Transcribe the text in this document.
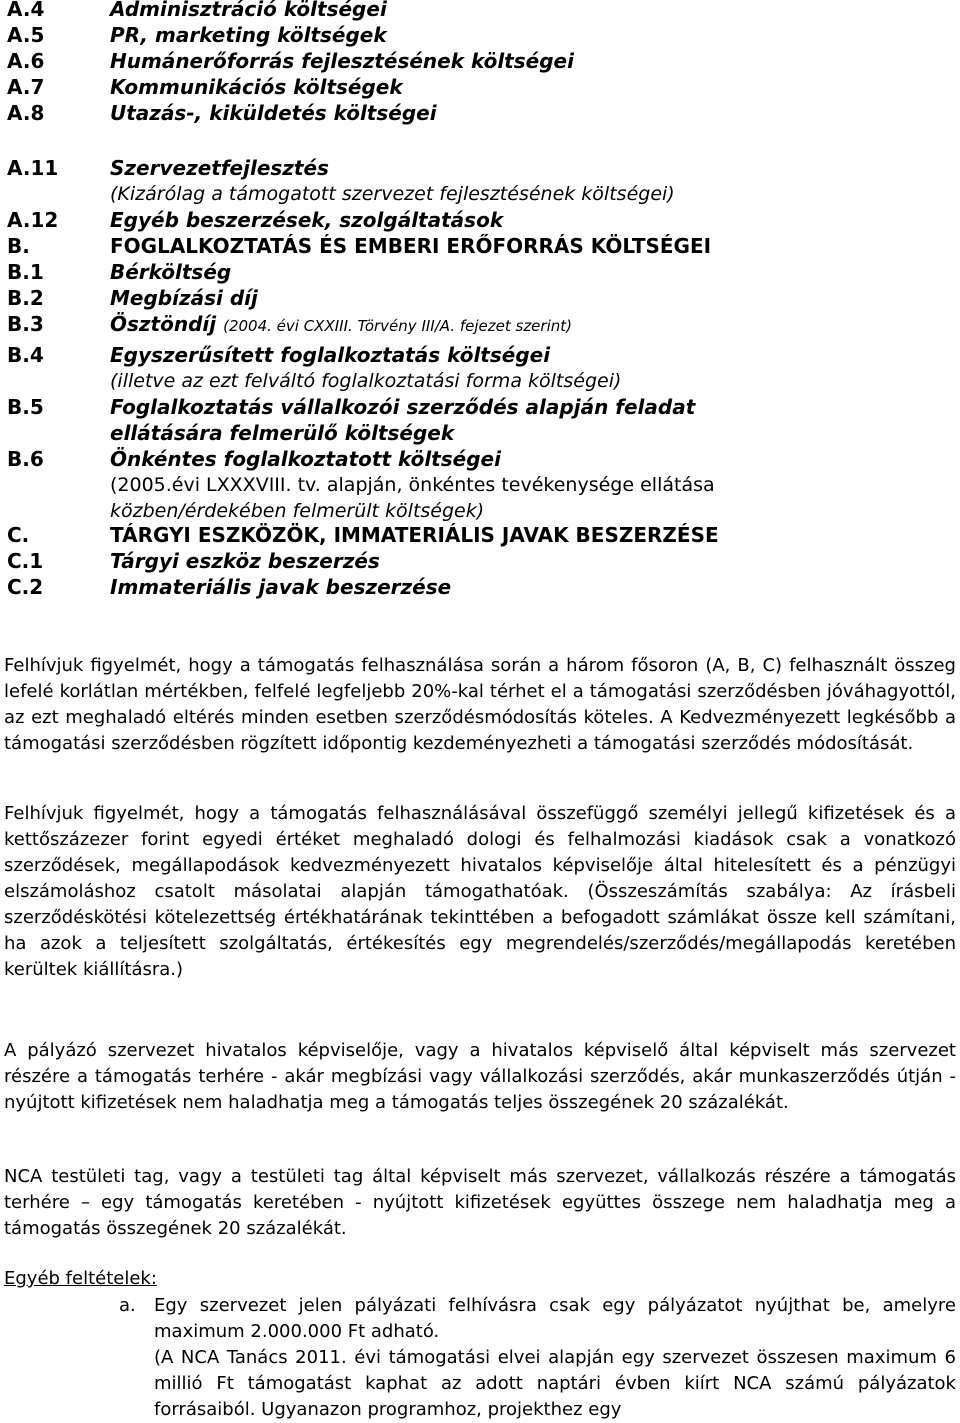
A.4	Adminisztráció költségei
A.5	PR, marketing költségek
A.6	Humánerőforrás fejlesztésének költségei
A.7	Kommunikációs költségek
A.8	Utazás-, kiküldetés költségei
A.11	Szervezetfejlesztés
(Kizárólag a támogatott szervezet fejlesztésének költségei)
A.12	Egyéb beszerzések, szolgáltatások
B.	FOGLALKOZTATÁS ÉS EMBERI ERŐFORRÁS KÖLTSÉGEI
B.1	Bérköltség
B.2	Megbízási díj
B.3	Ösztöndíj (2004. évi CXXIII. Törvény III/A. fejezet szerint)
B.4	Egyszerűsített foglalkoztatás költségei
(illetve az ezt felváltó foglalkoztatási forma költségei)
B.5	Foglalkoztatás vállalkozói szerződés alapján feladat
ellátására felmerülő költségek
B.6	Önkéntes foglalkoztatott költségei
(2005.évi LXXXVIII. tv. alapján, önkéntes tevékenysége ellátása
közben/érdekében felmerült költségek)
C.	TÁRGYI ESZKÖZÖK, IMMATERIÁLIS JAVAK BESZERZÉSE
C.1	Tárgyi eszköz beszerzés
C.2	Immateriális javak beszerzése

Felhívjuk figyelmét, hogy a támogatás felhasználása során a három fősoron (A, B, C) felhasznált összeg lefelé korlátlan mértékben, felfelé legfeljebb 20%-kal térhet el a támogatási szerződésben jóváhagyottól, az ezt meghaladó eltérés minden esetben szerződésmódosítás köteles. A Kedvezményezett legkésőbb a támogatási szerződésben rögzített időpontig kezdeményezheti a támogatási szerződés módosítását.

Felhívjuk figyelmét, hogy a támogatás felhasználásával összefüggő személyi jellegű kifizetések és a kettőszázezer forint egyedi értéket meghaladó dologi és felhalmozási kiadások csak a vonatkozó szerződések, megállapodások kedvezményezett hivatalos képviselője által hitelesített és a pénzügyi elszámoláshoz csatolt másolatai alapján támogathatóak. (Összeszámítás szabálya: Az írásbeli szerződéskötési kötelezettség értékhatárának tekinttében a befogadott számlákat össze kell számítani, ha azok a teljesített szolgáltatás, értékesítés egy megrendelés/szerződés/megállapodás keretében kerültek kiállításra.)

A pályázó szervezet hivatalos képviselője, vagy a hivatalos képviselő által képviselt más szervezet részére a támogatás terhére - akár megbízási vagy vállalkozási szerződés, akár munkaszerződés útján - nyújtott kifizetések nem haladhatja meg a támogatás teljes összegének 20 százalékát.

NCA testületi tag, vagy a testületi tag által képviselt más szervezet, vállalkozás részére a támogatás terhére – egy támogatás keretében - nyújtott kifizetések együttes összege nem haladhatja meg a támogatás összegének 20 százalékát.

Egyéb feltételek:
a. Egy szervezet jelen pályázati felhívásra csak egy pályázatot nyújthat be, amelyre maximum 2.000.000 Ft adható.

(A NCA Tanács 2011. évi támogatási elvei alapján egy szervezet összesen maximum 6 millió Ft támogatást kaphat az adott naptári évben kiírt NCA számú pályázatok forrásaiból. Ugyanazon programhoz, projekthez egy
